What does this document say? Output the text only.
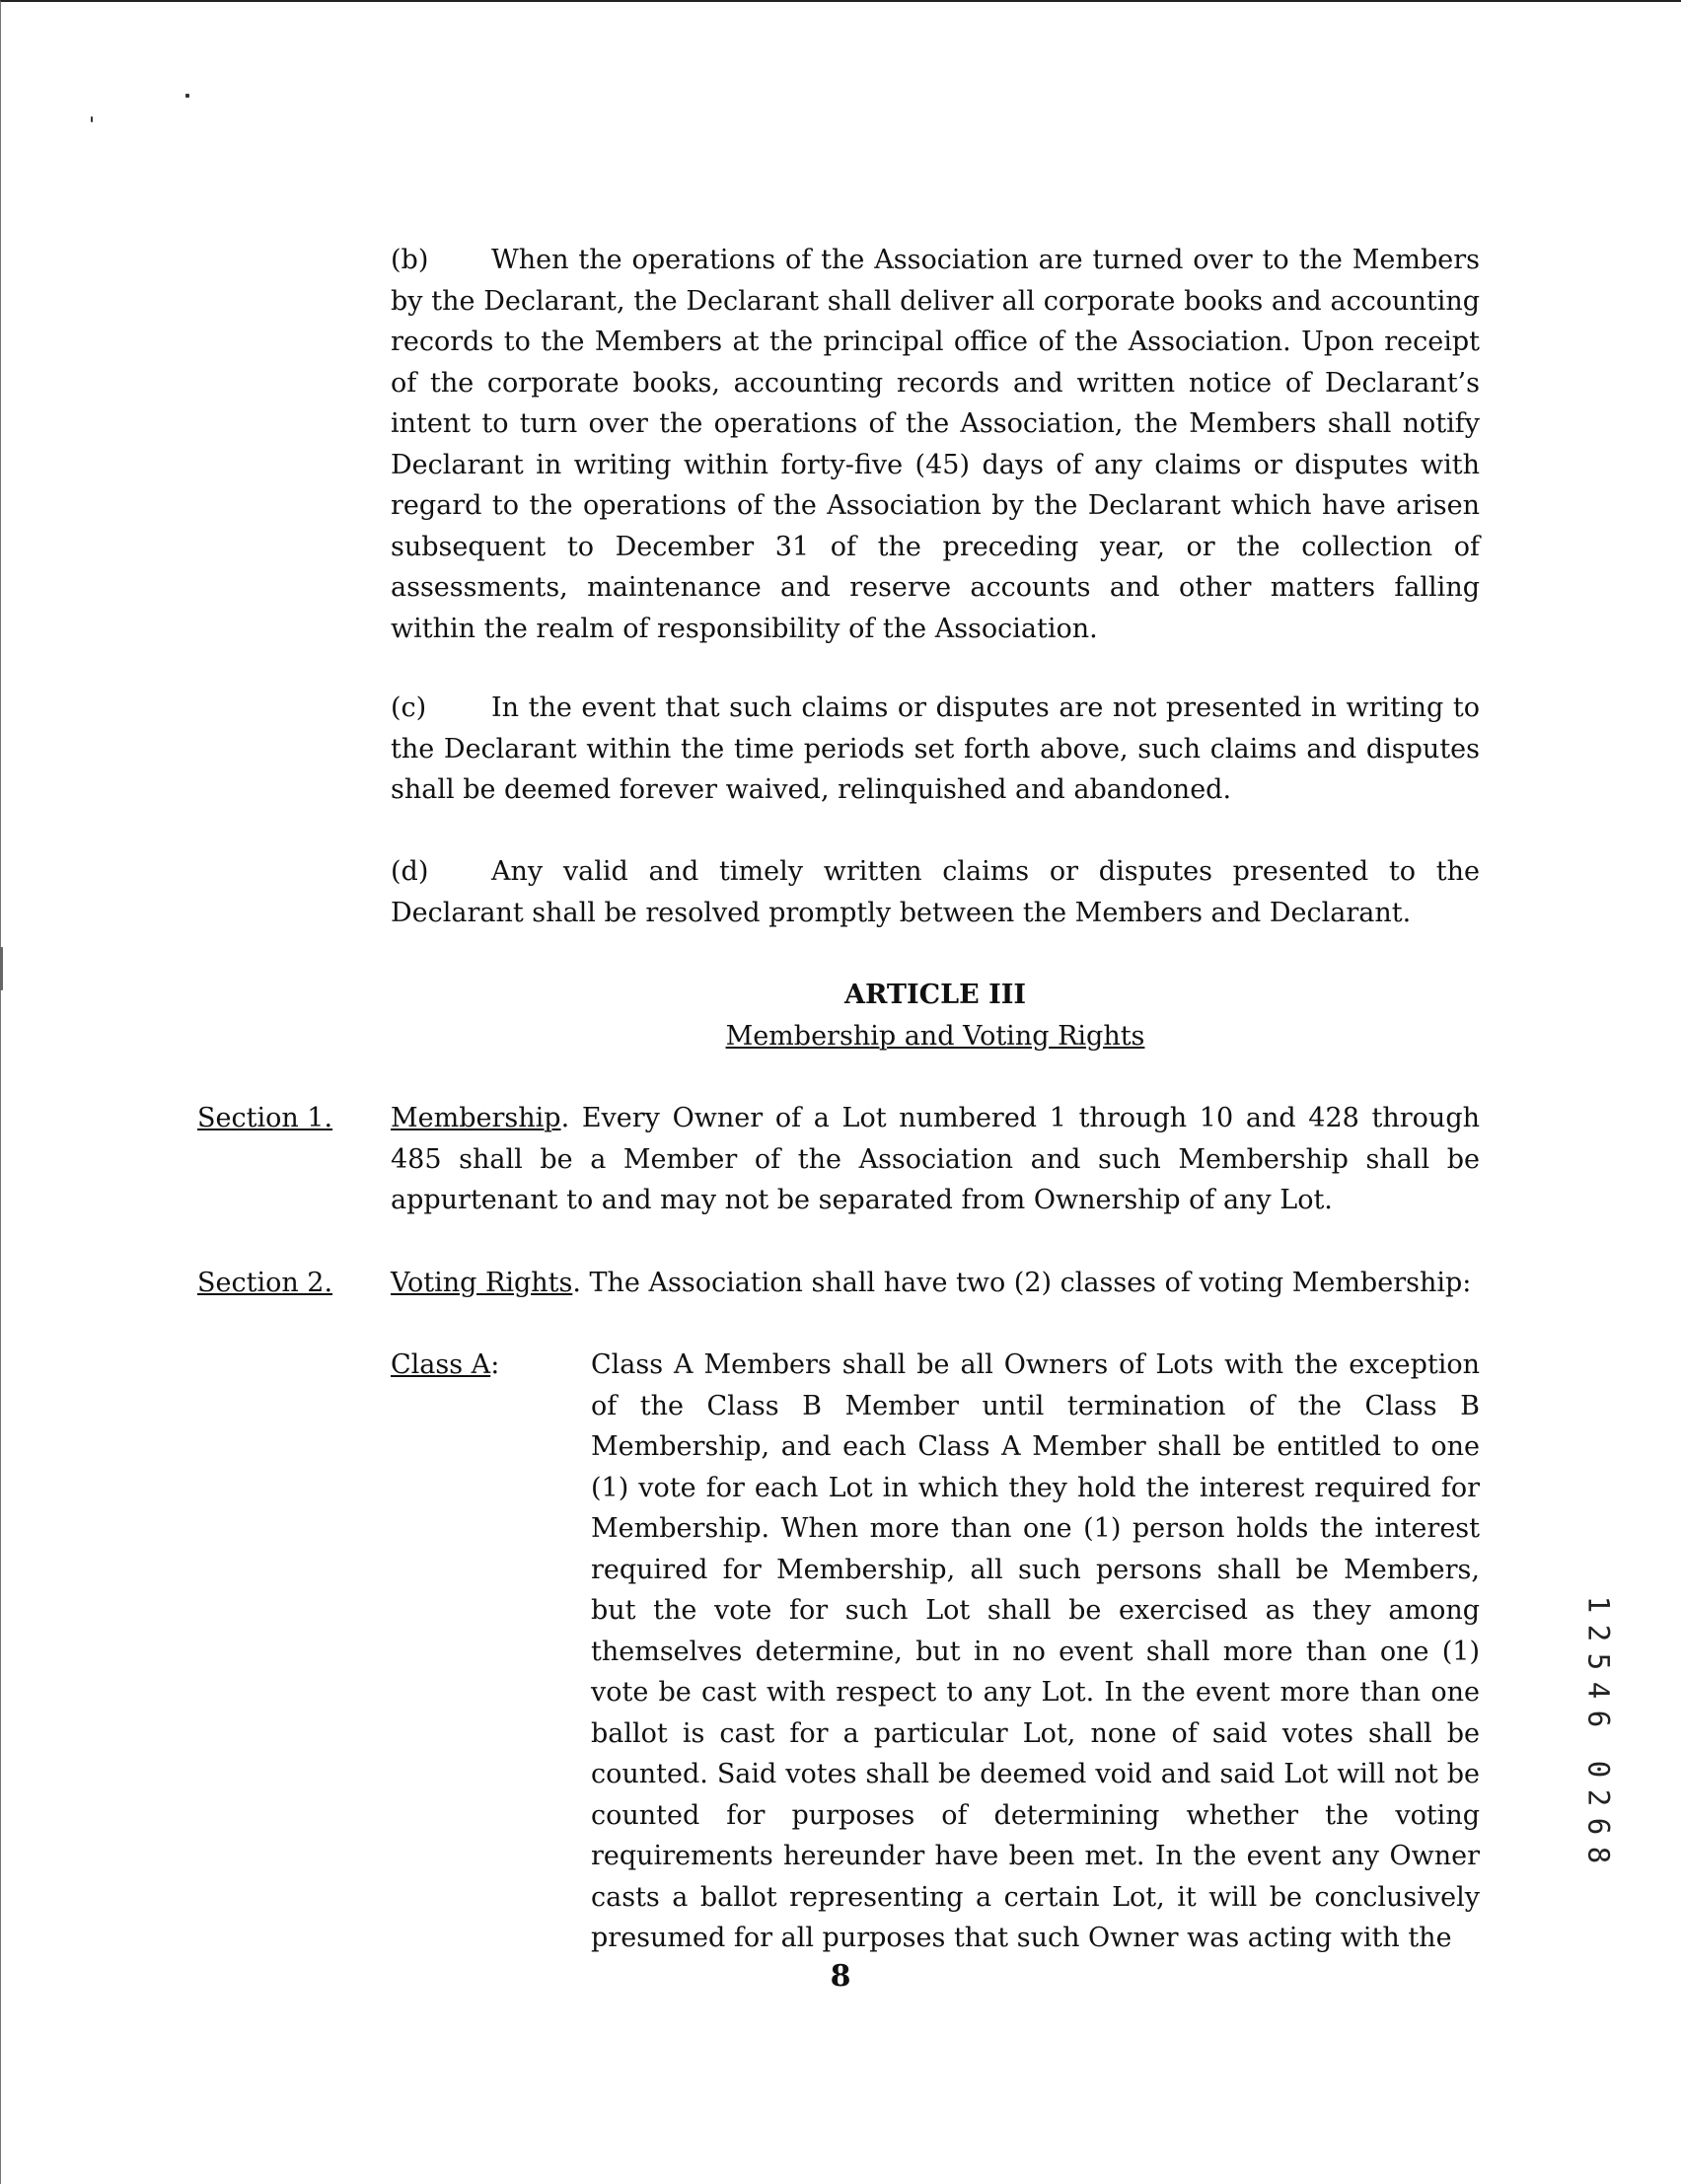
(b) When the operations of the Association are turned over to the Members by the Declarant, the Declarant shall deliver all corporate books and accounting records to the Members at the principal office of the Association. Upon receipt of the corporate books, accounting records and written notice of Declarant’s intent to turn over the operations of the Association, the Members shall notify Declarant in writing within forty-five (45) days of any claims or disputes with regard to the operations of the Association by the Declarant which have arisen subsequent to December 31 of the preceding year, or the collection of assessments, maintenance and reserve accounts and other matters falling within the realm of responsibility of the Association.

(c) In the event that such claims or disputes are not presented in writing to the Declarant within the time periods set forth above, such claims and disputes shall be deemed forever waived, relinquished and abandoned.

(d) Any valid and timely written claims or disputes presented to the Declarant shall be resolved promptly between the Members and Declarant.

ARTICLE III
Membership and Voting Rights
Section 1. Membership. Every Owner of a Lot numbered 1 through 10 and 428 through 485 shall be a Member of the Association and such Membership shall be appurtenant to and may not be separated from Ownership of any Lot.
Section 2. Voting Rights. The Association shall have two (2) classes of voting Membership:
Class A:	Class A Members shall be all Owners of Lots with the exception of the Class B Member until termination of the Class B Membership, and each Class A Member shall be entitled to one (1) vote for each Lot in which they hold the interest required for Membership. When more than one (1) person holds the interest required for Membership, all such persons shall be Members, but the vote for such Lot shall be exercised as they among themselves determine, but in no event shall more than one (1) vote be cast with respect to any Lot. In the event more than one ballot is cast for a particular Lot, none of said votes shall be counted. Said votes shall be deemed void and said Lot will not be counted for purposes of determining whether the voting requirements hereunder have been met. In the event any Owner casts a ballot representing a certain Lot, it will be conclusively presumed for all purposes that such Owner was acting with the
8
1
2
5
4
6
0
2
6
8
